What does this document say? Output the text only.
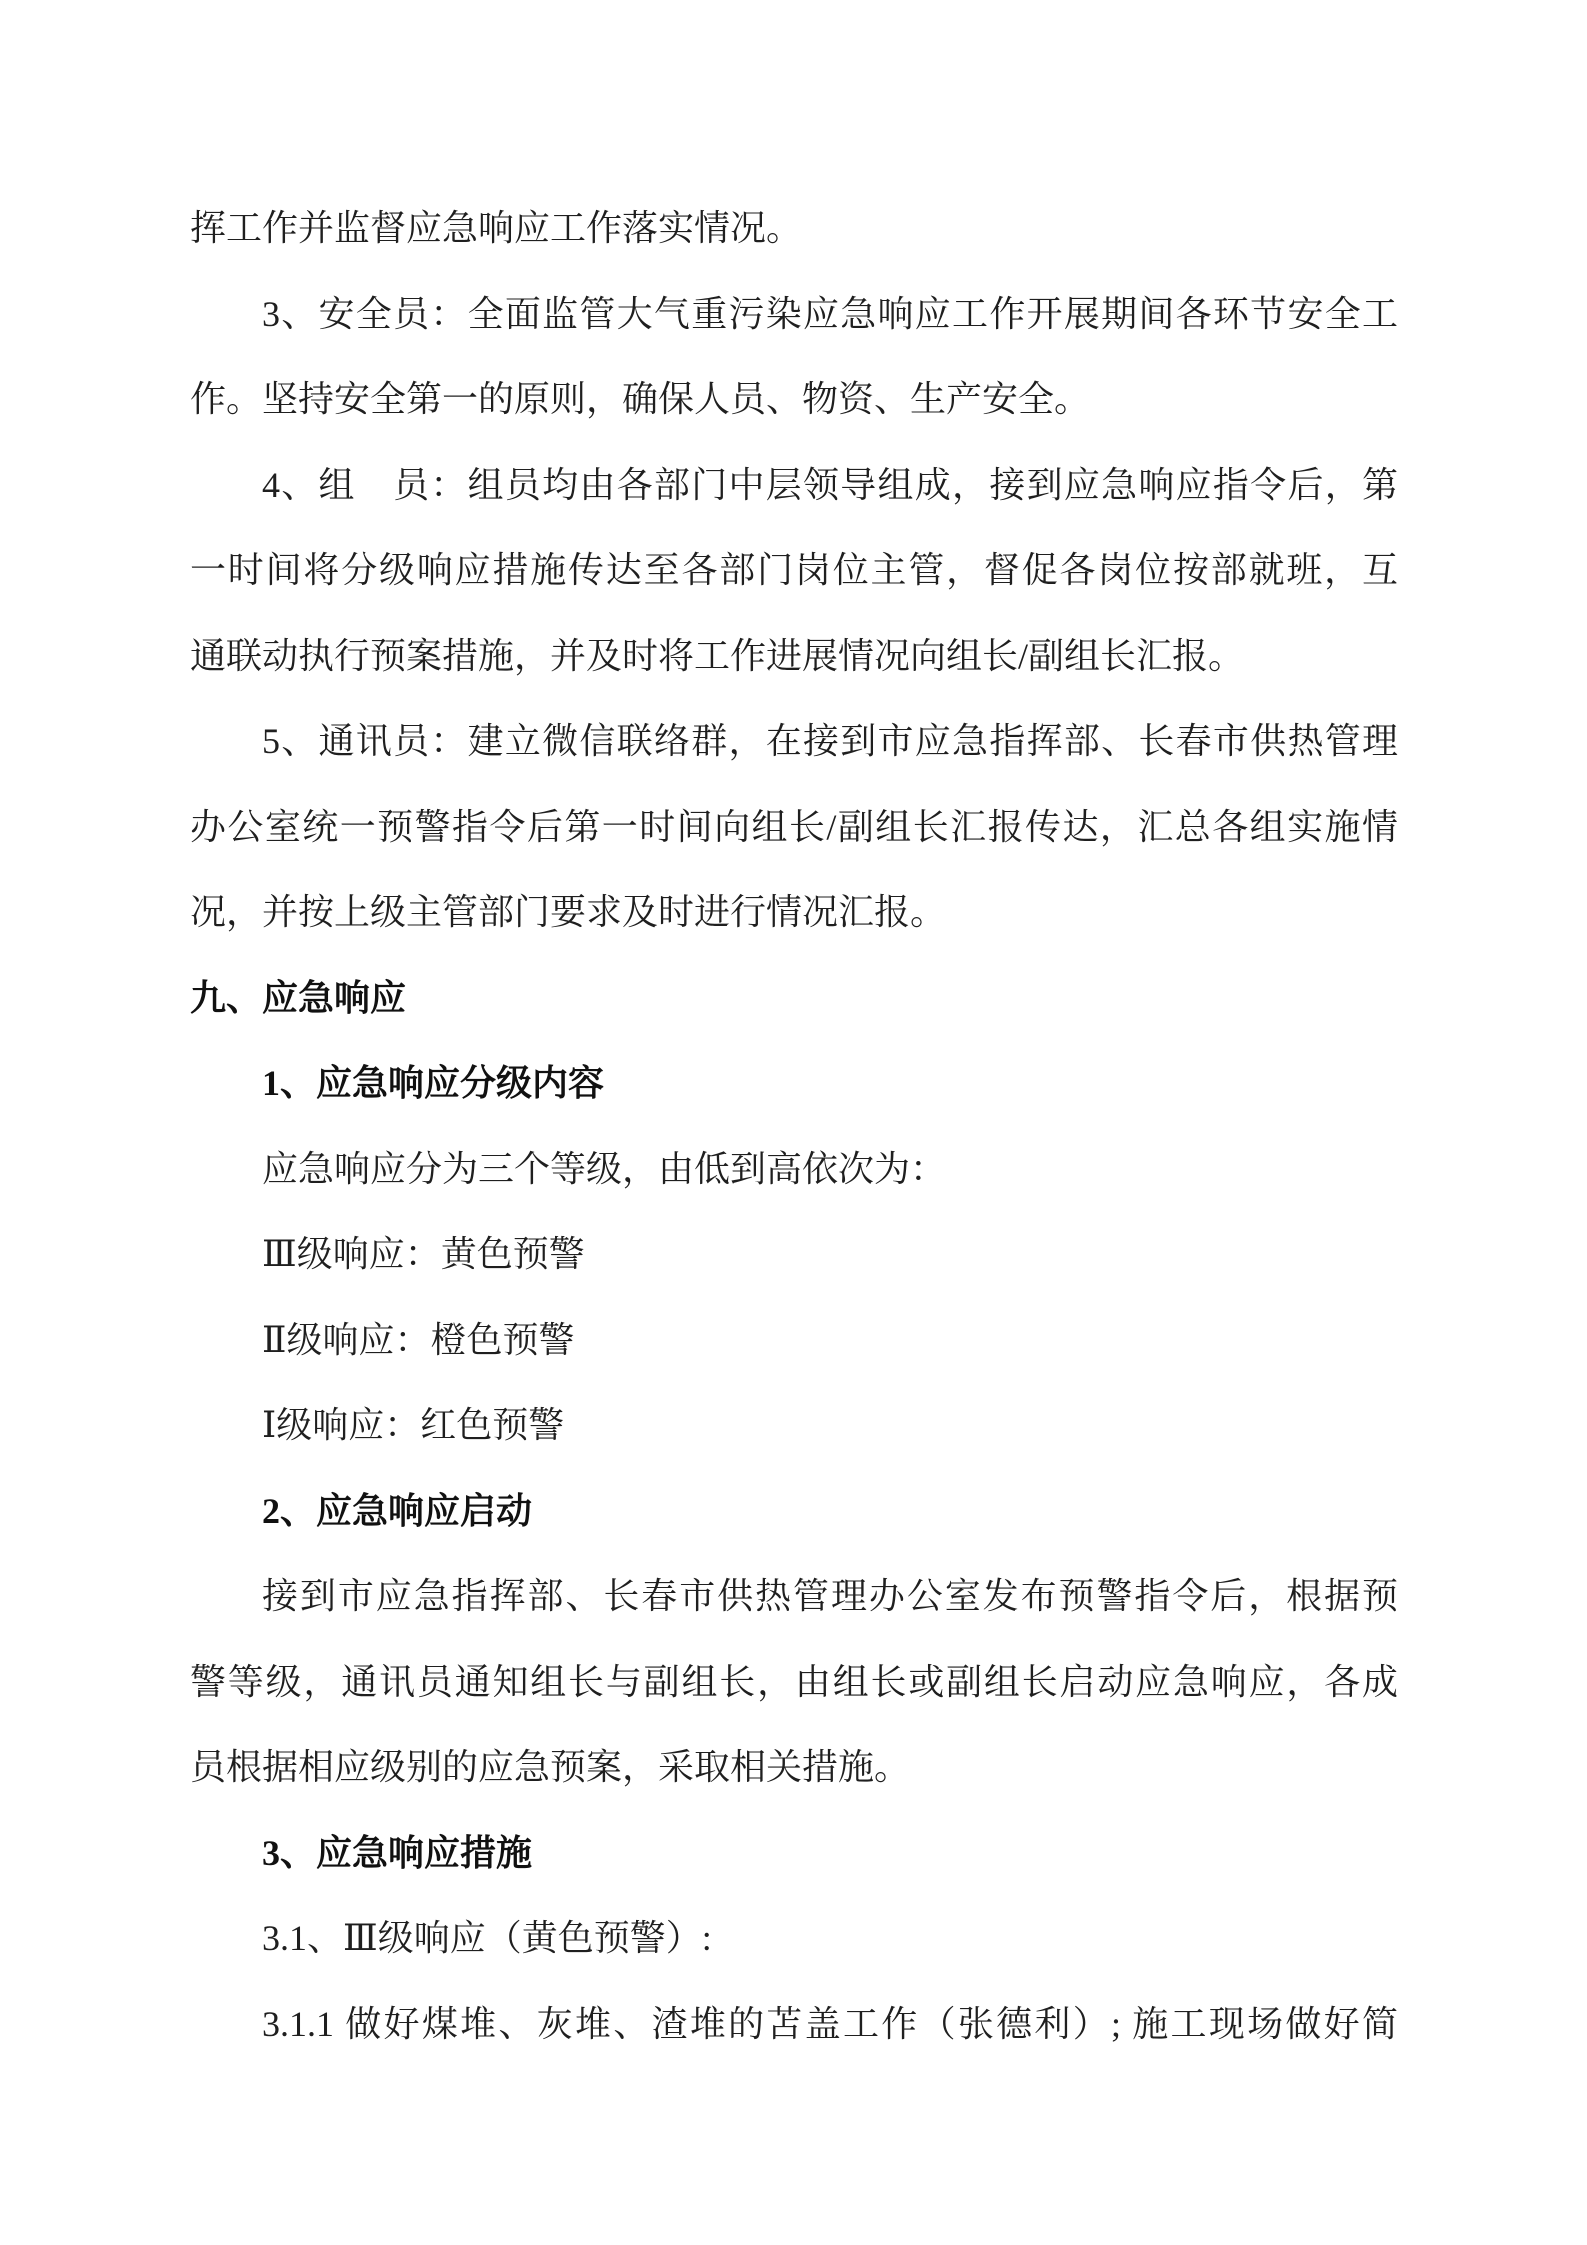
挥工作并监督应急响应工作落实情况。
3、安全员：全面监管大气重污染应急响应工作开展期间各环节安全工
作。坚持安全第一的原则，确保人员、物资、生产安全。
4、组　员：组员均由各部门中层领导组成，接到应急响应指令后，第
一时间将分级响应措施传达至各部门岗位主管，督促各岗位按部就班，互
通联动执行预案措施，并及时将工作进展情况向组长/副组长汇报。
5、通讯员：建立微信联络群，在接到市应急指挥部、长春市供热管理
办公室统一预警指令后第一时间向组长/副组长汇报传达，汇总各组实施情
况，并按上级主管部门要求及时进行情况汇报。
九、应急响应
1、应急响应分级内容
应急响应分为三个等级，由低到高依次为：
Ⅲ级响应：黄色预警
Ⅱ级响应：橙色预警
Ⅰ级响应：红色预警
2、应急响应启动
接到市应急指挥部、长春市供热管理办公室发布预警指令后，根据预
警等级，通讯员通知组长与副组长，由组长或副组长启动应急响应，各成
员根据相应级别的应急预案，采取相关措施。
3、应急响应措施
3.1、Ⅲ级响应（黄色预警）:
3.1.1 做好煤堆、灰堆、渣堆的苫盖工作（张德利）; 施工现场做好简
